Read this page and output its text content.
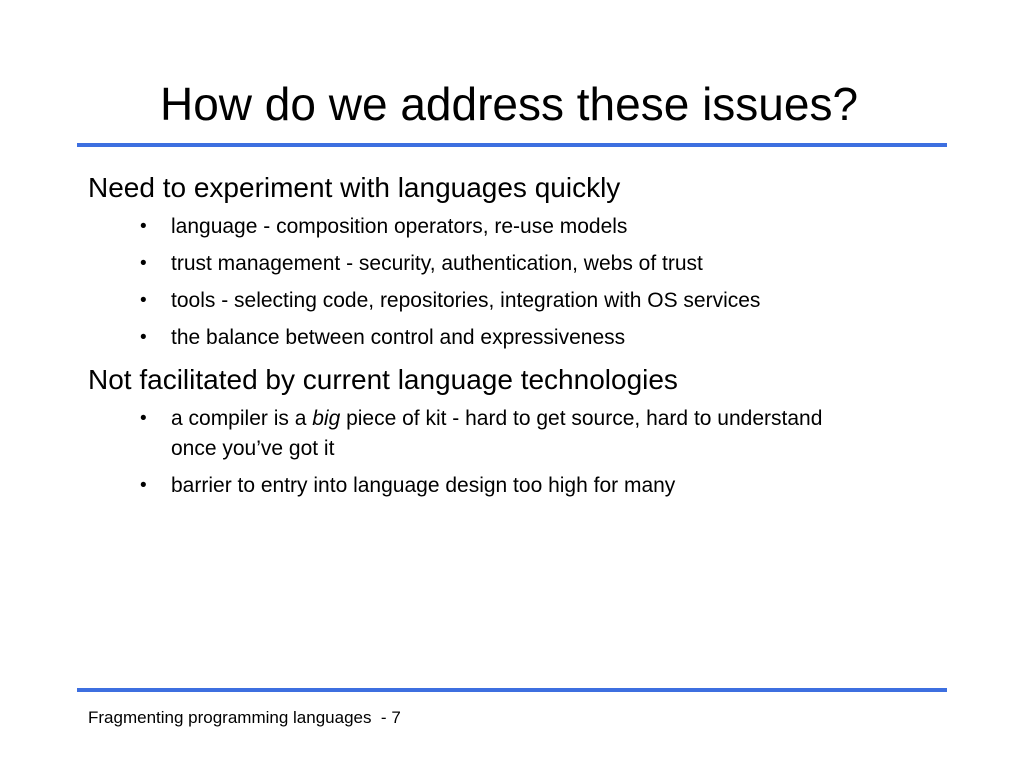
How do we address these issues?
Need to experiment with languages quickly
• language - composition operators, re-use models
• trust management - security, authentication, webs of trust
• tools - selecting code, repositories, integration with OS services
• the balance between control and expressiveness
Not facilitated by current language technologies
• a compiler is a big piece of kit - hard to get source, hard to understand once you’ve got it
• barrier to entry into language design too high for many
Fragmenting programming languages  - 7
